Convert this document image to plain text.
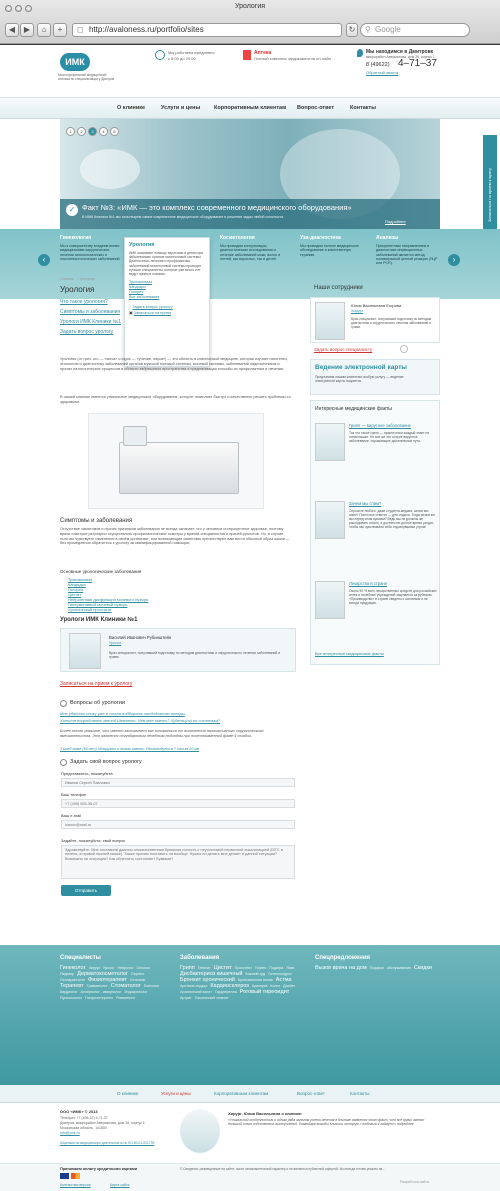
Урология
◀	▶	⌂	+	◻ http://avaloness.ru/portfolio/sites	↻	⚲ Google
ИМК
Многопрофильный медицинский клиника по специализации у Дмитров
Мы работаем ежедневно
с 8:00 до 20:00
Аптека
Полный комплекс медикаментов он-лайн
Мы находимся в Дмитрове
микрорайон Аверьянова, дом 26, корпус 1
8 (49622) 4–71–37
Обратный звонок
О клинике	Услуги и цены	Корпоративным клиентам Вопрос-ответ	Контакты
1	2	3	4	5
✓ Факт №3: «ИМК — это комплекс современного медицинского оборудования»
В ИМК Клиника №1 мы используем самое современное медицинское оборудование в решении задач любой сложности.
Подробнее	Записаться на прием к врачу
Гинекология

Мы к совершенству владеем всеми медицинскими хирургических лечения гинекологических и онкогинекологических заболеваний.

Косметология

Мы проводим консультации, диагностические исследования и лечение заболеваний кожи, волос и ногтей, как взрослых, так и детей.

Узи-диагностика

Мы проводим полное медицинское обследование и качественную терапию.

Анализы

Приоритетным направлением в диагностике инфекционных заболеваний является метод полимеразной цепной реакции (ПЦР или PCR).

‹	›
Урология

ИМК оказывает помощь взрослым и детям при заболеваниях органов мочеполовой системы. Диагностика, лечение и профилактика заболеваний мочеполовой системы проводят лучшие специалисты, которые уже много лет ведут прием в клинике.

Трихомониаз
Кандидоз
Гонорея
Все заболевания
◌ Задать вопрос урологу
▣ Записаться на прием
Главная → Урология
Урология
Что такое урология?
Симптомы и заболевания
Урологи ИМК Клиники №1
Задать вопрос урологу

Урология (от греч. uro — «моча» и logos — «учение, наука») — это область в клинической медицине, которая изучает патогенез, этиологию и диагностику заболеваний органов мужской половой системы, мочевой системы, заболеваний надпочечников и прочих патологических процессов в области забрюшного пространства и предлагающая способы их профилактики и лечения.

В нашей клинике имеется уникальное медицинское оборудование, которое позволяет быстро и качественно решить проблемы со здоровьем.

Симптомы и заболевания

Отсутствие симптомов и прочих признаков заболевания не всегда означает, что у человека стопроцентное здоровье, поэтому врачи советуют регулярно осуществлять профилактические осмотры у врачей-специалистов и врачей-урологов. Но, в случае, если вы чувствуете изменения в своём организме, или возникающие симптомы препятствуют вам вести обычный образ жизни — без промедления обратитесь к урологу за квалифицированной помощью.

Основные урологические заболевания
Трихомониаз
Кандидоз
Гонорея
Цистит
Нейрогенная дисфункция мочевого пузыря
Гиперактивный мочевой пузырь
Хронический простатит
Урологи ИМК Клиники №1
Василий Иванович Рубинштейн
Уролог
Врач-специалист, получивший подготовку по методам диагностики и хирургического лечения заболеваний и травм.
Записаться на прием к урологу
Вопросы об урологии
Мне удалить почку уже я стала подбирать кандидозного плевры
Хотите попробовать метод Шевченко. Чем мне иметь? Худеть(ся) по системам?

Более точно укажите, что именно заставляет вас отказаться от выполнения паллиативного хирургического вмешательства. Это является стандартным лечебным подходом при почечнокаменной фаме 4 стадии.

3 моей маме (56 лет) обнаружен в почках камень. Рекомендуется ? Чем за 20 мм
Задать свой вопрос урологу
Представьтесь, пожалуйста
Иванов Сергей Павлович
Ваш телефон
+7 (495) 555-35-07
Ваш e-mail
ivanov@mail.ru
Задайте, пожалуйста, свой вопрос
Здравствуйте. Мне поставили диагноз злокачественная брюшная полость с неуточнимой первичной локализацией (МТС в печени, в правой нижней кишке). Также просим поставить ли вообще. Нужно ли делать мне делает в данной ситуации? Возможно ли операция? Как облегчить состояние? Буквами?
Отправить
Наши сотрудники
Юлия Васильевна Егорова
Хирург
Врач-специалист, получивший подготовку по методам диагностики и хирургического лечения заболеваний и травм.
Задать вопрос специалисту
Ведение электронной карты
Предлагаем нашим клиентам особую услугу — ведение электронной карты пациента.
Интересные медицинские факты
Грипп — вирусное заболевание
Так что такое грипп — практически каждый знает не понаслышке. Но все же это острое вирусное заболевание, поражающее дыхательные пути.
Зачем мы спим?
Спросите любого, даже студента-медика, зачем мы спим? Почти все ответят — для отдыха. Тогда зачем же мы перед сном кушаем? Ведь мы не должны же расходовать ночью, и достаточно долгое время уходит, чтобы мы чувствовали себя отдохнувшими утром!
Лекарства в стране
Около 90 % всех лекарственных средств для российских аптек и лечебных учреждений закупается за рубежом. «Производство» в стране сведено к основным и не всегда продукция.
Все интересные медицинские факты
Специалисты
Гинеколог Хирург Уролог Невролог ОнкологПедиатр Дерматокосметолог ОкулистОтоларинголог Физиотерапевт ОстеопатТерапевт Травматолог Стоматолог ПсихологКардиолог Аллерголог - иммунолог ЭндокринологПульмонолог Гастроэнтеролог Ревматолог
Заболевания
Грипп Гепатит Цистит Простатит Герпес Подагра ЯзваДисбактериоз кишечный Кожный зуд ОстеохондрозБронхит хронический Бронхиальная астма АстмаАритмия сердца Кардиосклероз Краснуха Колит ДиабетХронический колит Гарднерелла Роговый тиреоидитАртрит Токсический гепатит
Спецпредложения
Вызов врача на дом Подарки обслуживание Скидки
О клинике	Услуги и цены	Корпоративным клиентам	Вопрос-ответ	Контакты
ООО «ИМК» © 2013
Телефон: +7 (496-22) 4-71-37
Дмитров, микрорайон Аверьянова, дом 26, корпус 1
Московская область, 141800
info@ymk.ru
Лицензия на медицинскую деятельность № ЛО-50-01-001739
Хирург, Юлия Васильевна о клинике:
«Уникальной особенностью и одним ряда залогом успеха лечения в Клинике является этот факт, что все врачи имеют большой опыт собственных выступлений, благодаря выгоды Клиники, которую с любовью я займусь!» подробнее
Принимаем оплату кредитными картами
Контактная версия	Карта сайта
© Сведения, размещенные на сайте, носят ознакомительный характер и не являются публичной офертой. Мы всегда готовы указать на...
Разработка сайта
